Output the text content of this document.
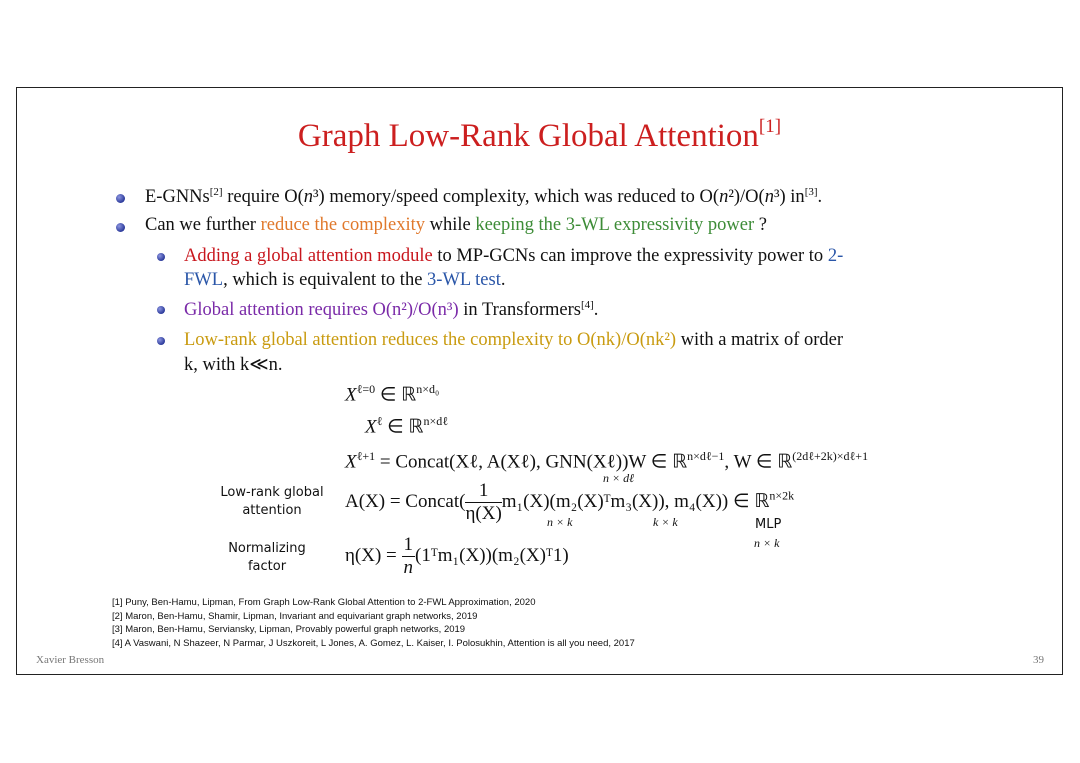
Graph Low-Rank Global Attention[1]
E-GNNs[2] require O(n³) memory/speed complexity, which was reduced to O(n²)/O(n³) in[3].
Can we further reduce the complexity while keeping the 3-WL expressivity power ?
Adding a global attention module to MP-GCNs can improve the expressivity power to 2-
FWL, which is equivalent to the 3-WL test.
Global attention requires O(n²)/O(n³) in Transformers[4].
Low-rank global attention reduces the complexity to O(nk)/O(nk²) with a matrix of order
k, with k≪n.
$X^{\ell=0}$ ∈ ℝ$^{n\times d_0}$
$X^\ell$ ∈ ℝ$^{n\times d\ell}$
$X^{\ell+1}$ = Concat(Xℓ, A(Xℓ), GNN(Xℓ))W ∈ ℝ$^{n\times d\ell-1}$, W ∈ ℝ$^{(2d\ell+2k)\times d\ell+1}$
n × dℓ
Low-rank global
attention	A(X) = Concat( $\frac{1}{\eta(X)}$ m₁(X)(m₂(X)ᵀm₃(X)), m₄(X)) ∈ ℝ$^{n\times 2k}$
n × k	k × k	MLP
n × k
Normalizing
factor
$\eta(X) = \frac{1}{n}$ (1ᵀm₁(X))(m₂(X)ᵀ1)
[1] Puny, Ben-Hamu, Lipman, From Graph Low-Rank Global Attention to 2-FWL Approximation, 2020
[2] Maron, Ben-Hamu, Shamir, Lipman, Invariant and equivariant graph networks, 2019
[3] Maron, Ben-Hamu, Serviansky, Lipman, Provably powerful graph networks, 2019
[4] A Vaswani, N Shazeer, N Parmar, J Uszkoreit, L Jones, A. Gomez, L. Kaiser, I. Polosukhin, Attention is all you need, 2017
Xavier Bresson	39
